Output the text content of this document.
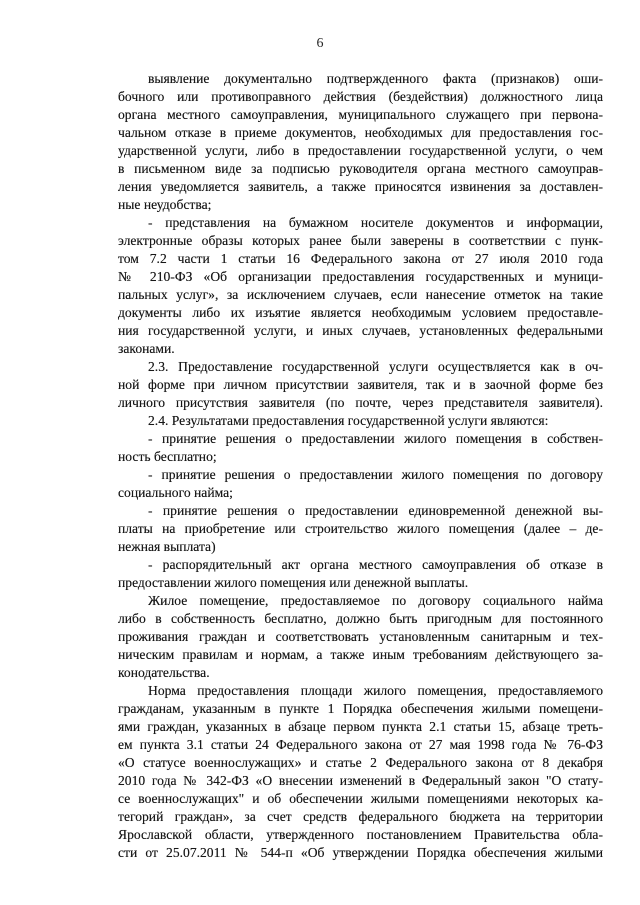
6
выявление документально подтвержденного факта (признаков) оши-
бочного или противоправного действия (бездействия) должностного лица
органа местного самоуправления, муниципального служащего при первона-
чальном отказе в приеме документов, необходимых для предоставления гос-
ударственной услуги, либо в предоставлении государственной услуги, о чем
в письменном виде за подписью руководителя органа местного самоуправ-
ления уведомляется заявитель, а также приносятся извинения за доставлен-
ные неудобства;
- представления на бумажном носителе документов и информации,
электронные образы которых ранее были заверены в соответствии с пунк-
том 7.2 части 1 статьи 16 Федерального закона от 27 июля 2010 года
№ 210-ФЗ «Об организации предоставления государственных и муници-
пальных услуг», за исключением случаев, если нанесение отметок на такие
документы либо их изъятие является необходимым условием предоставле-
ния государственной услуги, и иных случаев, установленных федеральными
законами.
2.3. Предоставление государственной услуги осуществляется как в оч-
ной форме при личном присутствии заявителя, так и в заочной форме без
личного присутствия заявителя (по почте, через представителя заявителя).
2.4. Результатами предоставления государственной услуги являются:
- принятие решения о предоставлении жилого помещения в собствен-
ность бесплатно;
- принятие решения о предоставлении жилого помещения по договору
социального найма;
- принятие решения о предоставлении единовременной денежной вы-
платы на приобретение или строительство жилого помещения (далее – де-
нежная выплата)
- распорядительный акт органа местного самоуправления об отказе в
предоставлении жилого помещения или денежной выплаты.
Жилое помещение, предоставляемое по договору социального найма
либо в собственность бесплатно, должно быть пригодным для постоянного
проживания граждан и соответствовать установленным санитарным и тех-
ническим правилам и нормам, а также иным требованиям действующего за-
конодательства.
Норма предоставления площади жилого помещения, предоставляемого
гражданам, указанным в пункте 1 Порядка обеспечения жилыми помещени-
ями граждан, указанных в абзаце первом пункта 2.1 статьи 15, абзаце треть-
ем пункта 3.1 статьи 24 Федерального закона от 27 мая 1998 года № 76-ФЗ
«О статусе военнослужащих» и статье 2 Федерального закона от 8 декабря
2010 года № 342-ФЗ «О внесении изменений в Федеральный закон "О стату-
се военнослужащих" и об обеспечении жилыми помещениями некоторых ка-
тегорий граждан», за счет средств федерального бюджета на территории
Ярославской области, утвержденного постановлением Правительства обла-
сти от 25.07.2011 № 544-п «Об утверждении Порядка обеспечения жилыми
